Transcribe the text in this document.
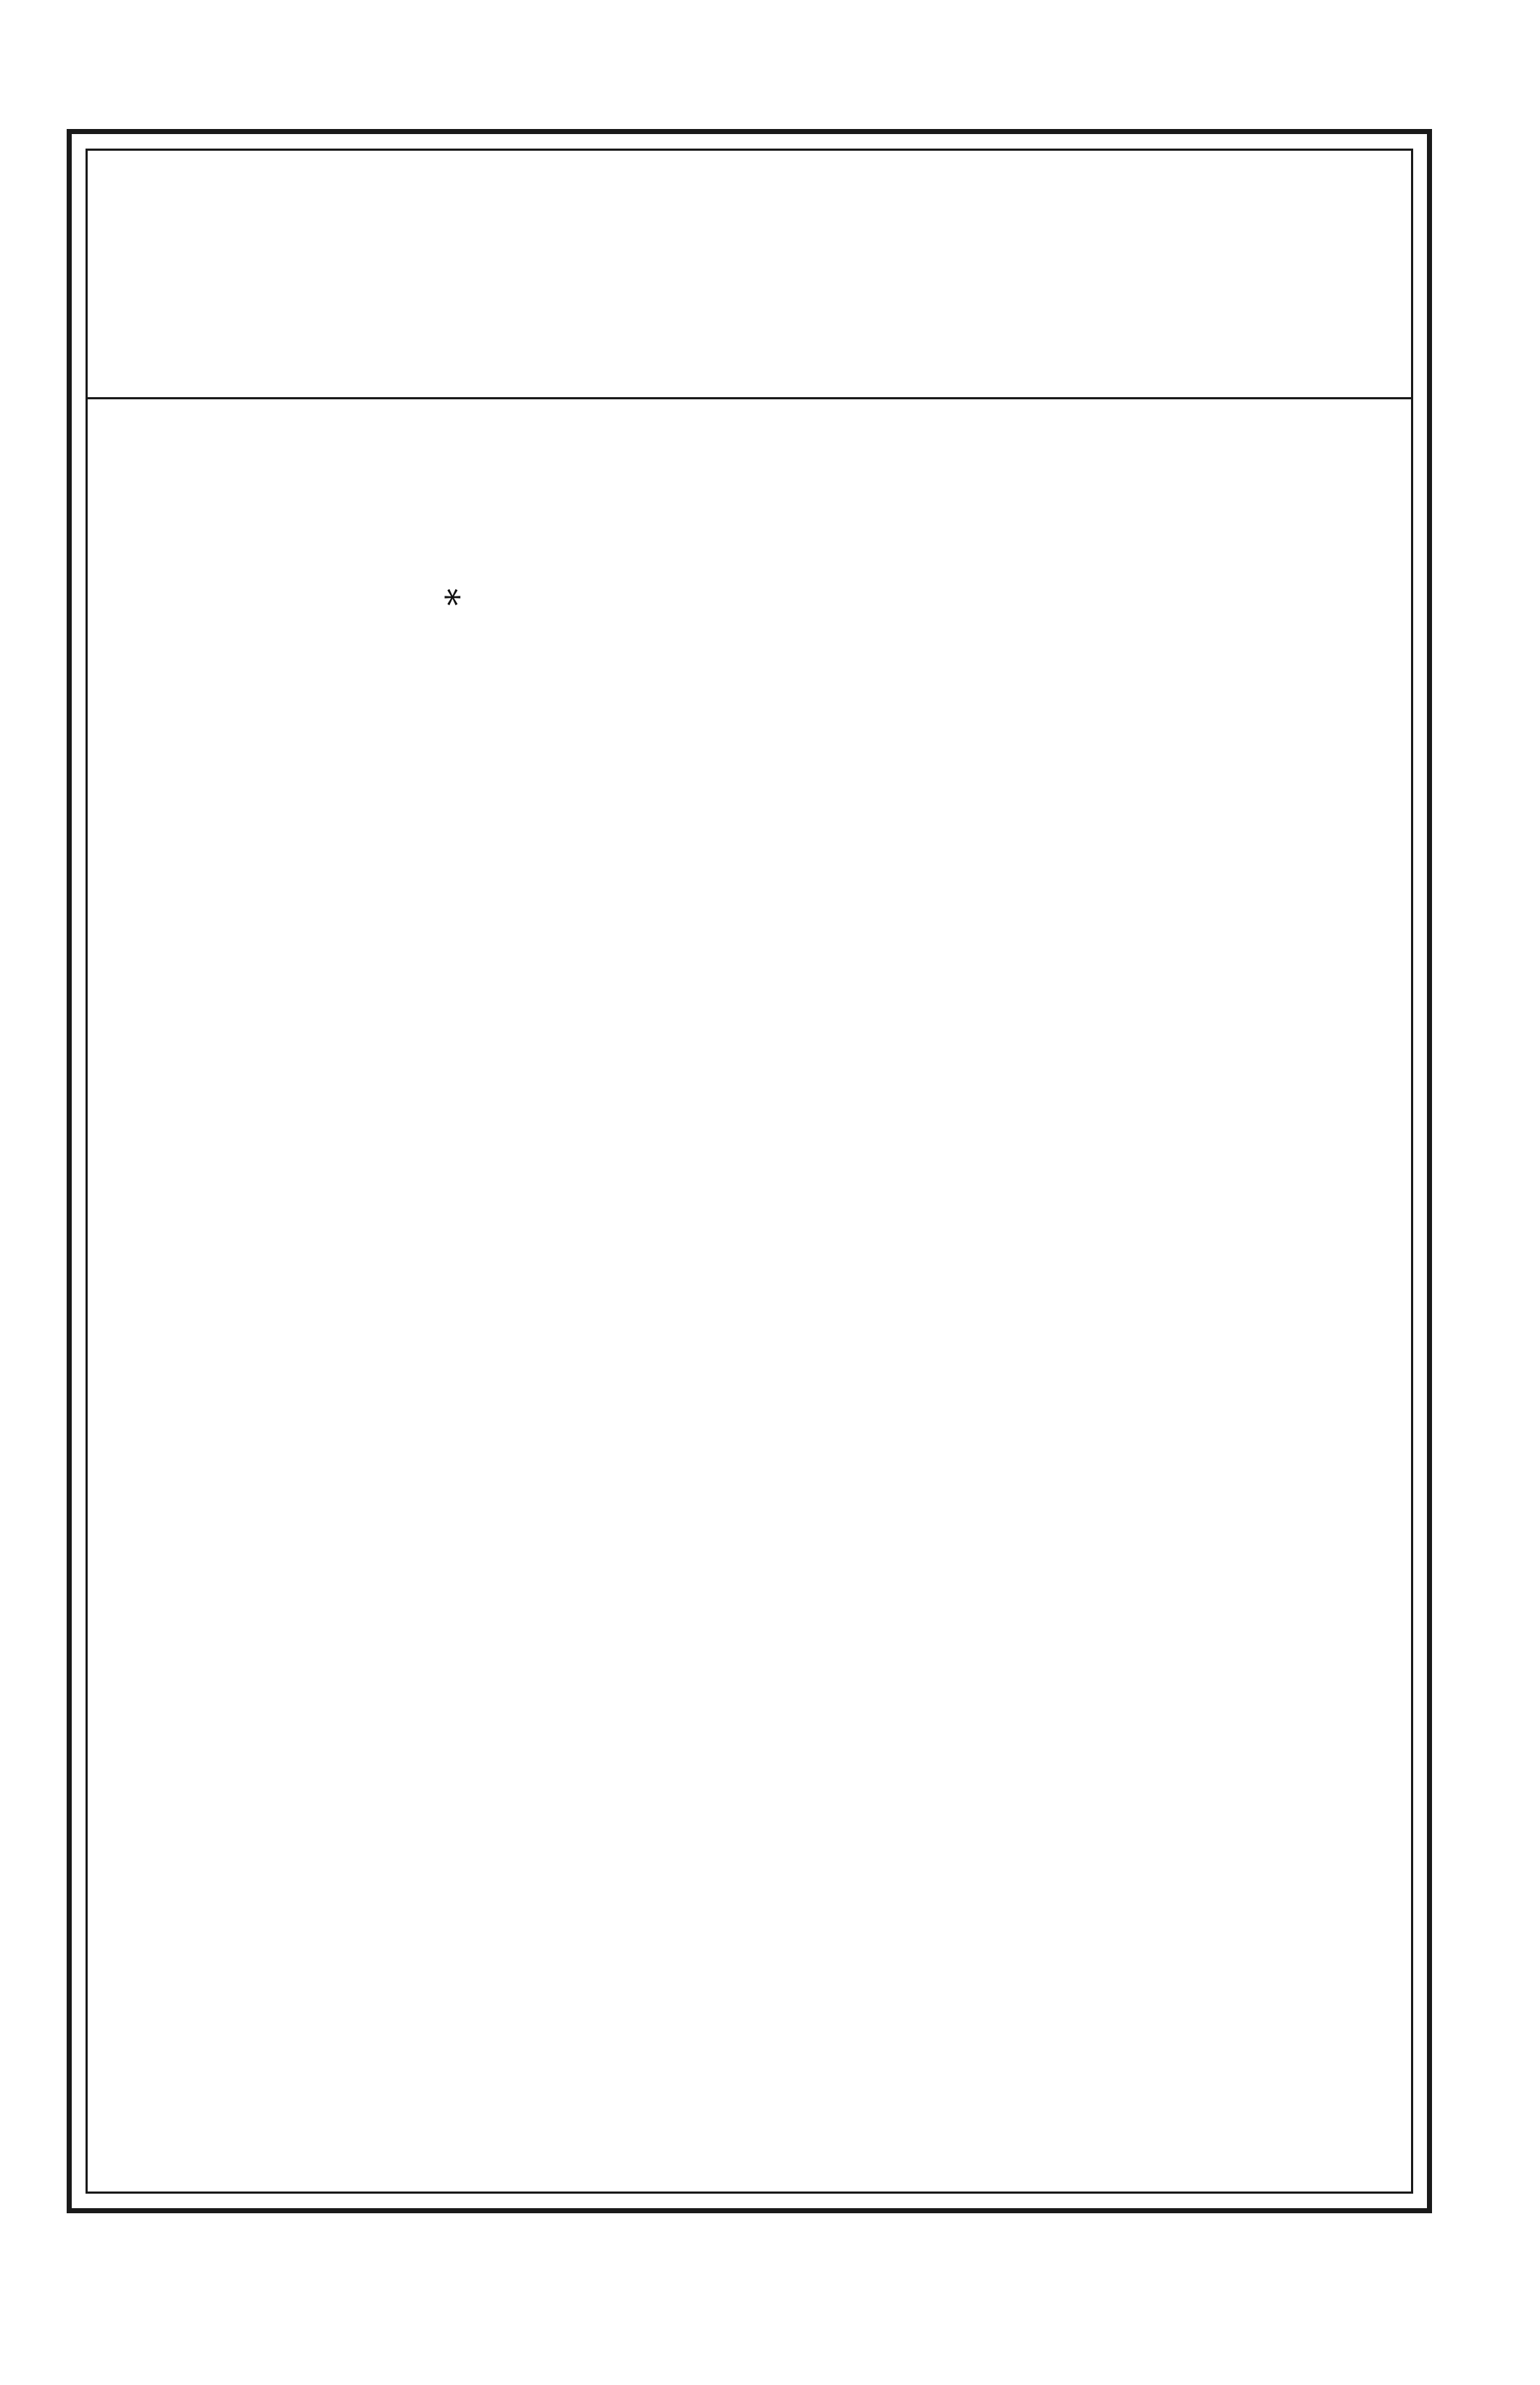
*
